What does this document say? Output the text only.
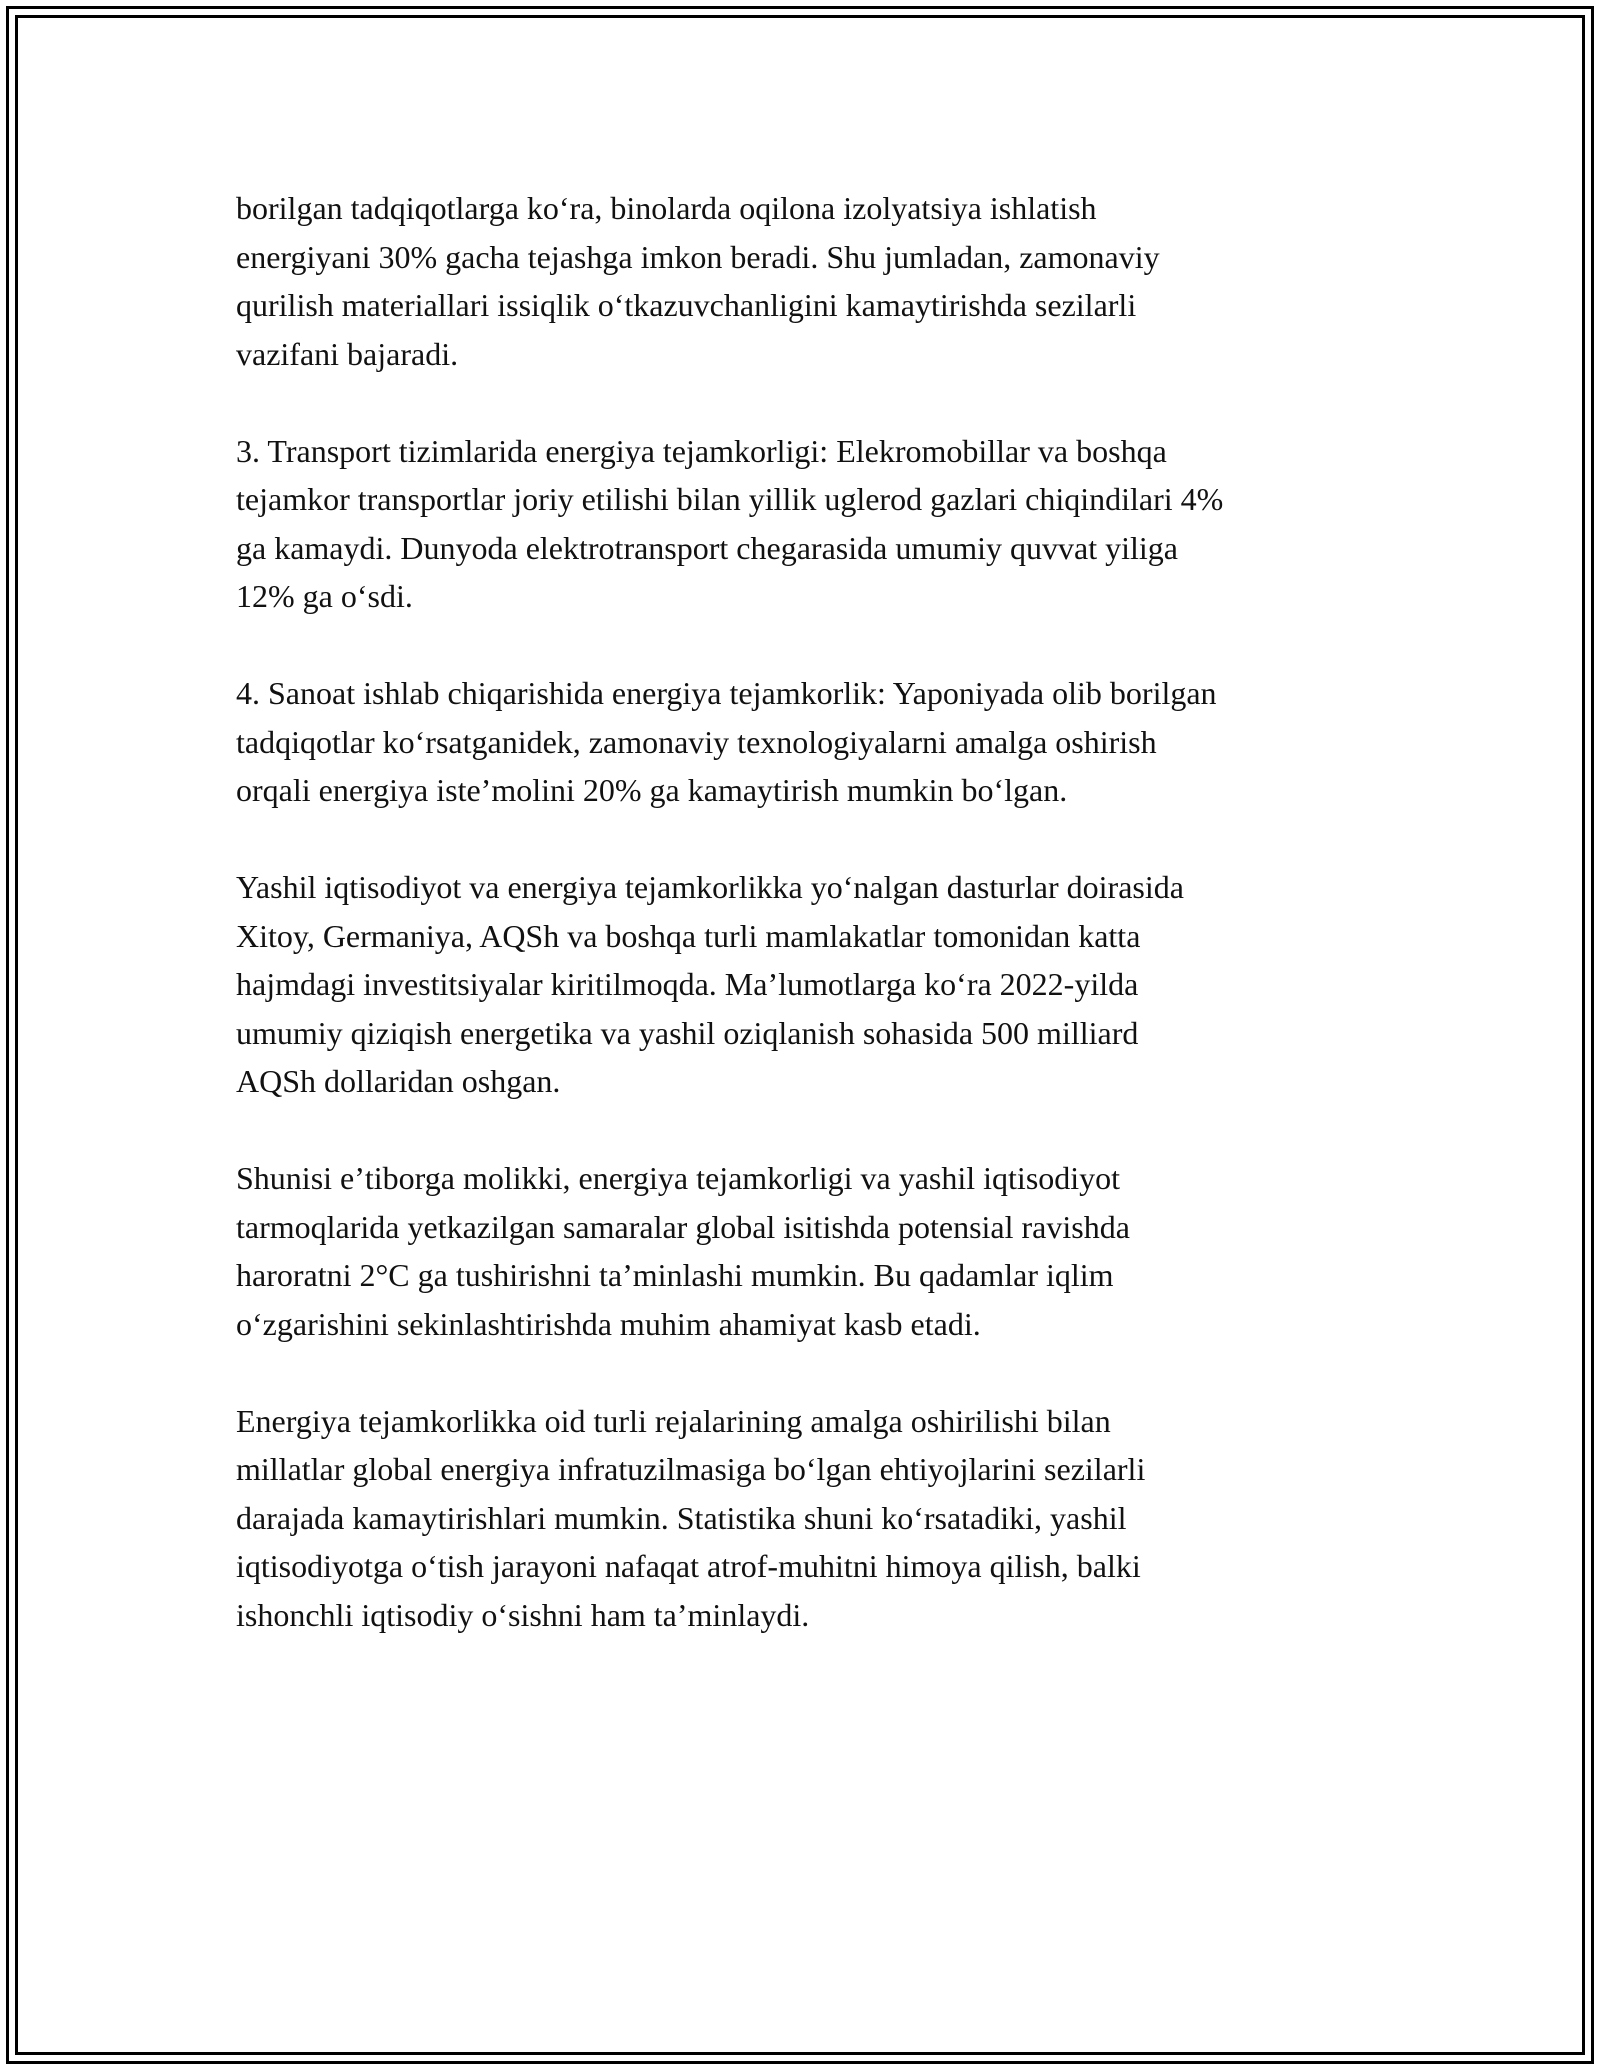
borilgan tadqiqotlarga koʻra, binolarda oqilona izolyatsiya ishlatish
energiyani 30% gacha tejashga imkon beradi. Shu jumladan, zamonaviy
qurilish materiallari issiqlik oʻtkazuvchanligini kamaytirishda sezilarli
vazifani bajaradi.

3. Transport tizimlarida energiya tejamkorligi: Elekromobillar va boshqa
tejamkor transportlar joriy etilishi bilan yillik uglerod gazlari chiqindilari 4%
ga kamaydi. Dunyoda elektrotransport chegarasida umumiy quvvat yiliga
12% ga oʻsdi.

4. Sanoat ishlab chiqarishida energiya tejamkorlik: Yaponiyada olib borilgan
tadqiqotlar koʻrsatganidek, zamonaviy texnologiyalarni amalga oshirish
orqali energiya isteʼmolini 20% ga kamaytirish mumkin boʻlgan.

Yashil iqtisodiyot va energiya tejamkorlikka yoʻnalgan dasturlar doirasida
Xitoy, Germaniya, AQSh va boshqa turli mamlakatlar tomonidan katta
hajmdagi investitsiyalar kiritilmoqda. Maʼlumotlarga koʻra 2022-yilda
umumiy qiziqish energetika va yashil oziqlanish sohasida 500 milliard
AQSh dollaridan oshgan.

Shunisi eʼtiborga molikki, energiya tejamkorligi va yashil iqtisodiyot
tarmoqlarida yetkazilgan samaralar global isitishda potensial ravishda
haroratni 2°C ga tushirishni taʼminlashi mumkin. Bu qadamlar iqlim
oʻzgarishini sekinlashtirishda muhim ahamiyat kasb etadi.

Energiya tejamkorlikka oid turli rejalarining amalga oshirilishi bilan
millatlar global energiya infratuzilmasiga boʻlgan ehtiyojlarini sezilarli
darajada kamaytirishlari mumkin. Statistika shuni koʻrsatadiki, yashil
iqtisodiyotga oʻtish jarayoni nafaqat atrof-muhitni himoya qilish, balki
ishonchli iqtisodiy oʻsishni ham taʼminlaydi.
